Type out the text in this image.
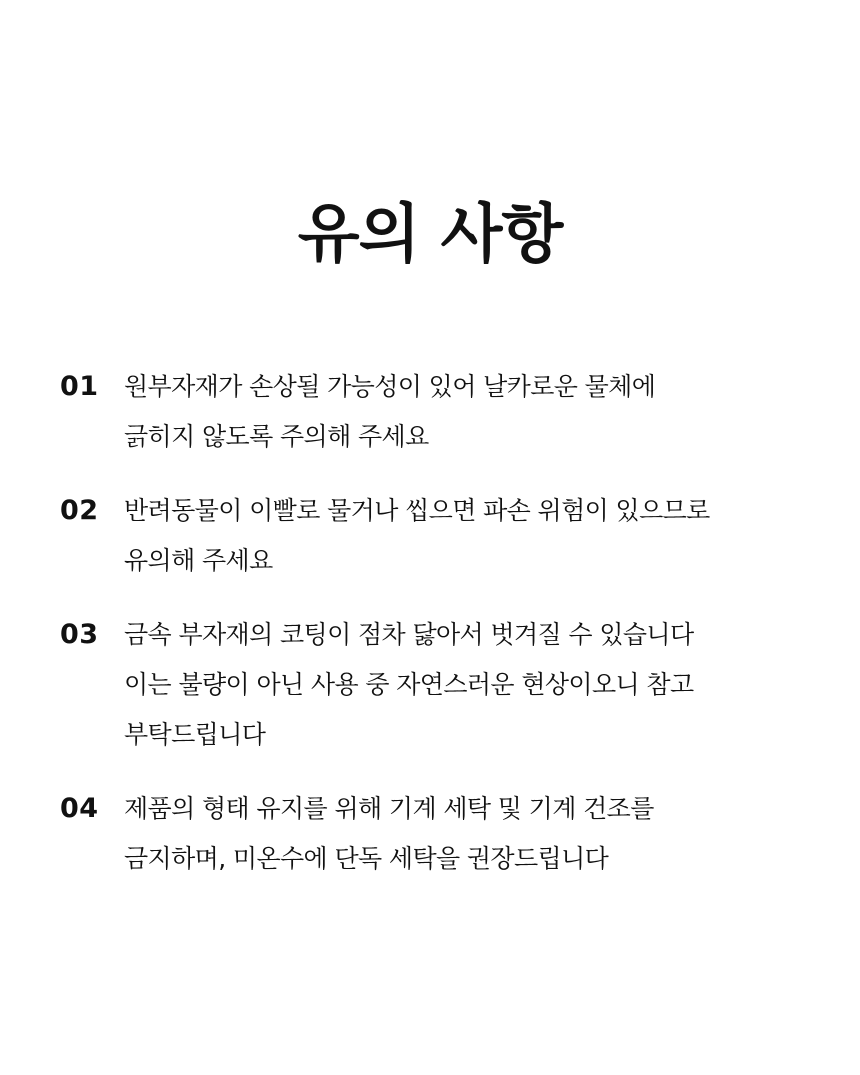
유의 사항
01	원부자재가 손상될 가능성이 있어 날카로운 물체에
긁히지 않도록 주의해 주세요
02	반려동물이 이빨로 물거나 씹으면 파손 위험이 있으므로
유의해 주세요
03	금속 부자재의 코팅이 점차 닳아서 벗겨질 수 있습니다
이는 불량이 아닌 사용 중 자연스러운 현상이오니 참고
부탁드립니다
04	제품의 형태 유지를 위해 기계 세탁 및 기계 건조를
금지하며, 미온수에 단독 세탁을 권장드립니다
